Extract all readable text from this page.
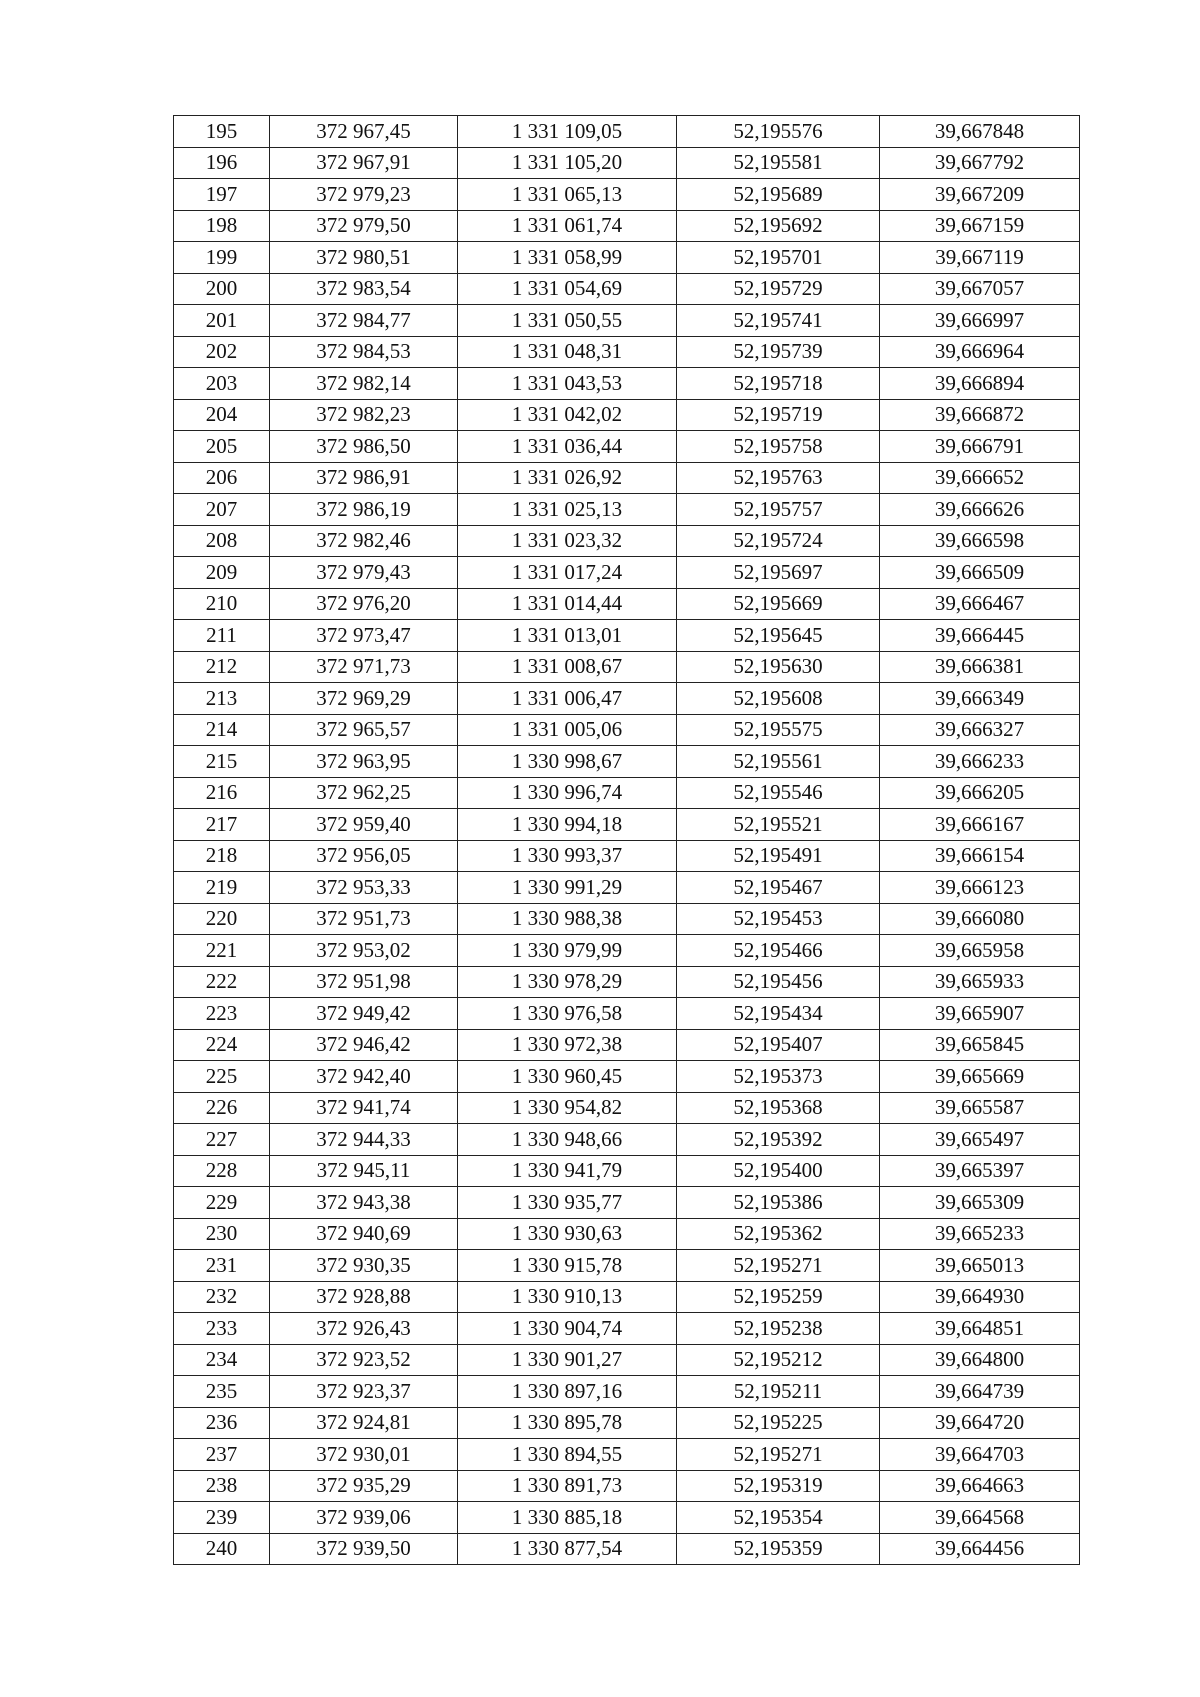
195	372 967,45	1 331 109,05	52,195576	39,667848
196	372 967,91	1 331 105,20	52,195581	39,667792
197	372 979,23	1 331 065,13	52,195689	39,667209
198	372 979,50	1 331 061,74	52,195692	39,667159
199	372 980,51	1 331 058,99	52,195701	39,667119
200	372 983,54	1 331 054,69	52,195729	39,667057
201	372 984,77	1 331 050,55	52,195741	39,666997
202	372 984,53	1 331 048,31	52,195739	39,666964
203	372 982,14	1 331 043,53	52,195718	39,666894
204	372 982,23	1 331 042,02	52,195719	39,666872
205	372 986,50	1 331 036,44	52,195758	39,666791
206	372 986,91	1 331 026,92	52,195763	39,666652
207	372 986,19	1 331 025,13	52,195757	39,666626
208	372 982,46	1 331 023,32	52,195724	39,666598
209	372 979,43	1 331 017,24	52,195697	39,666509
210	372 976,20	1 331 014,44	52,195669	39,666467
211	372 973,47	1 331 013,01	52,195645	39,666445
212	372 971,73	1 331 008,67	52,195630	39,666381
213	372 969,29	1 331 006,47	52,195608	39,666349
214	372 965,57	1 331 005,06	52,195575	39,666327
215	372 963,95	1 330 998,67	52,195561	39,666233
216	372 962,25	1 330 996,74	52,195546	39,666205
217	372 959,40	1 330 994,18	52,195521	39,666167
218	372 956,05	1 330 993,37	52,195491	39,666154
219	372 953,33	1 330 991,29	52,195467	39,666123
220	372 951,73	1 330 988,38	52,195453	39,666080
221	372 953,02	1 330 979,99	52,195466	39,665958
222	372 951,98	1 330 978,29	52,195456	39,665933
223	372 949,42	1 330 976,58	52,195434	39,665907
224	372 946,42	1 330 972,38	52,195407	39,665845
225	372 942,40	1 330 960,45	52,195373	39,665669
226	372 941,74	1 330 954,82	52,195368	39,665587
227	372 944,33	1 330 948,66	52,195392	39,665497
228	372 945,11	1 330 941,79	52,195400	39,665397
229	372 943,38	1 330 935,77	52,195386	39,665309
230	372 940,69	1 330 930,63	52,195362	39,665233
231	372 930,35	1 330 915,78	52,195271	39,665013
232	372 928,88	1 330 910,13	52,195259	39,664930
233	372 926,43	1 330 904,74	52,195238	39,664851
234	372 923,52	1 330 901,27	52,195212	39,664800
235	372 923,37	1 330 897,16	52,195211	39,664739
236	372 924,81	1 330 895,78	52,195225	39,664720
237	372 930,01	1 330 894,55	52,195271	39,664703
238	372 935,29	1 330 891,73	52,195319	39,664663
239	372 939,06	1 330 885,18	52,195354	39,664568
240	372 939,50	1 330 877,54	52,195359	39,664456
